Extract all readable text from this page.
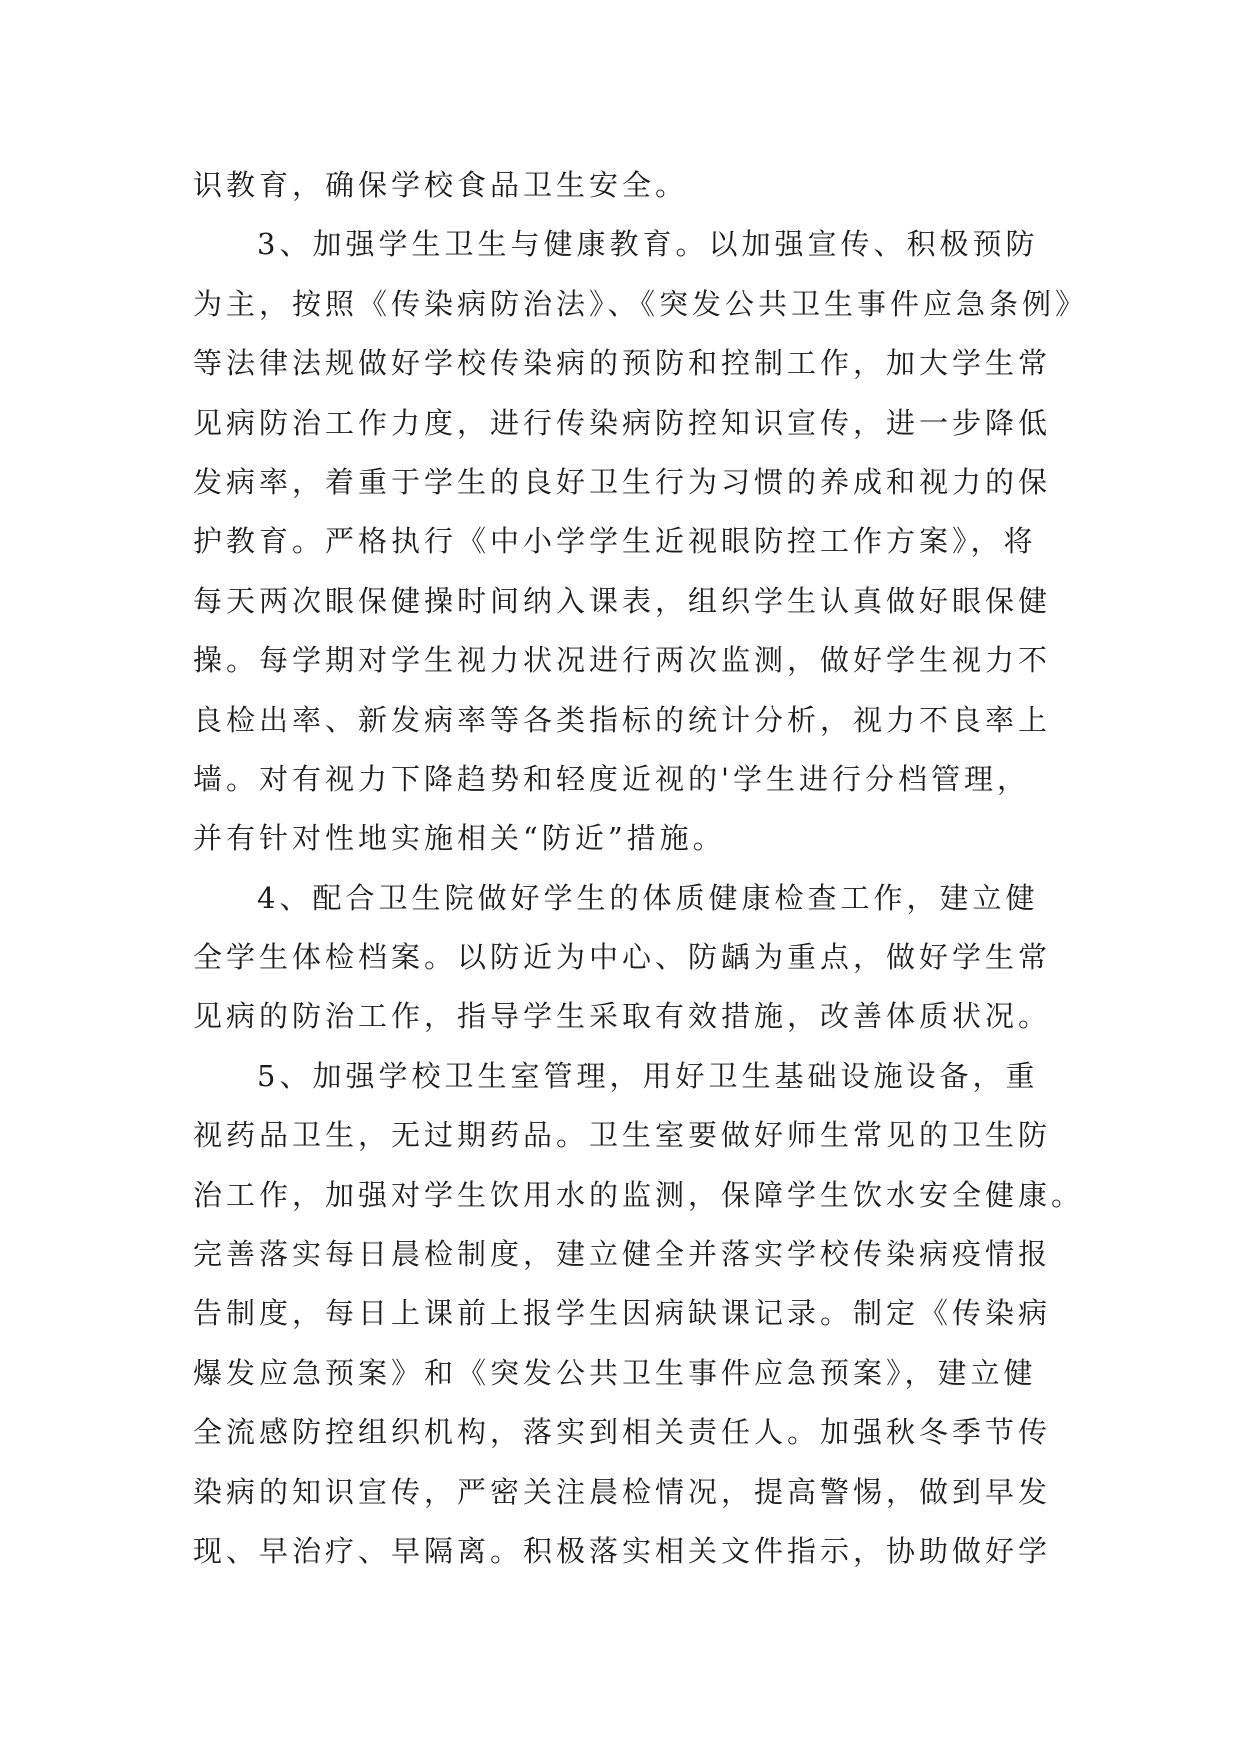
识教育，确保学校食品卫生安全。
3、加强学生卫生与健康教育。以加强宣传、积极预防
为主，按照《传染病防治法》、《突发公共卫生事件应急条例》
等法律法规做好学校传染病的预防和控制工作，加大学生常
见病防治工作力度，进行传染病防控知识宣传，进一步降低
发病率，着重于学生的良好卫生行为习惯的养成和视力的保
护教育。严格执行《中小学学生近视眼防控工作方案》，将
每天两次眼保健操时间纳入课表，组织学生认真做好眼保健
操。每学期对学生视力状况进行两次监测，做好学生视力不
良检出率、新发病率等各类指标的统计分析，视力不良率上
墙。对有视力下降趋势和轻度近视的'学生进行分档管理，
并有针对性地实施相关“防近”措施。
4、配合卫生院做好学生的体质健康检查工作，建立健
全学生体检档案。以防近为中心、防龋为重点，做好学生常
见病的防治工作，指导学生采取有效措施，改善体质状况。
5、加强学校卫生室管理，用好卫生基础设施设备，重
视药品卫生，无过期药品。卫生室要做好师生常见的卫生防
治工作，加强对学生饮用水的监测，保障学生饮水安全健康。
完善落实每日晨检制度，建立健全并落实学校传染病疫情报
告制度，每日上课前上报学生因病缺课记录。制定《传染病
爆发应急预案》和《突发公共卫生事件应急预案》，建立健
全流感防控组织机构，落实到相关责任人。加强秋冬季节传
染病的知识宣传，严密关注晨检情况，提高警惕，做到早发
现、早治疗、早隔离。积极落实相关文件指示，协助做好学
